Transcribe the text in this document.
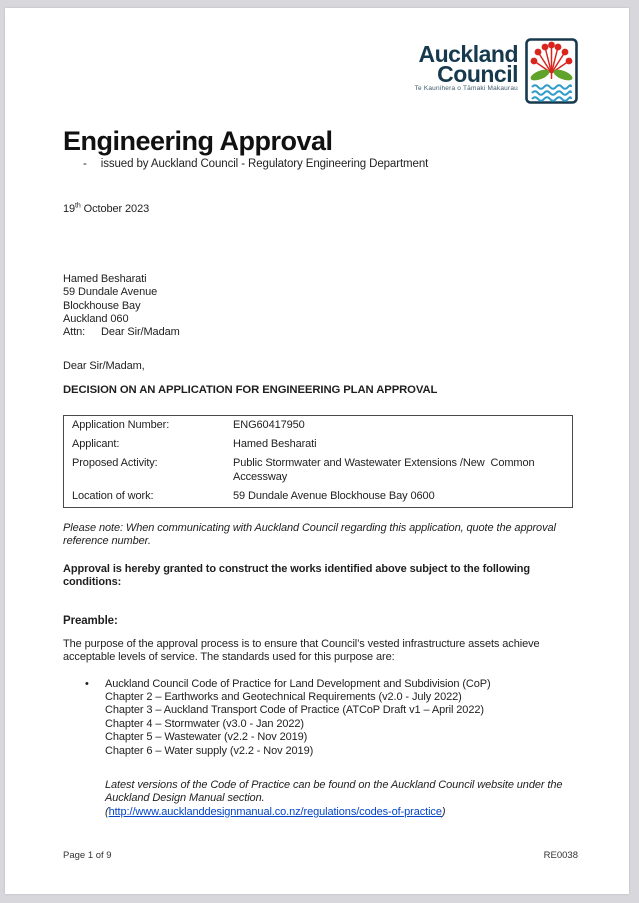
Auckland
Council
Te Kaunihera o Tāmaki Makaurau
Engineering Approval
- issued by Auckland Council - Regulatory Engineering Department
19th October 2023
Hamed Besharati
59 Dundale Avenue
Blockhouse Bay
Auckland 060
Attn: Dear Sir/Madam
Dear Sir/Madam,
DECISION ON AN APPLICATION FOR ENGINEERING PLAN APPROVAL
Application Number:	ENG60417950
Applicant:	Hamed Besharati
Proposed Activity:	Public Stormwater and Wastewater Extensions /New  Common Accessway
Location of work:	59 Dundale Avenue Blockhouse Bay 0600
Please note: When communicating with Auckland Council regarding this application, quote the approval reference number.
Approval is hereby granted to construct the works identified above subject to the following conditions:
Preamble:
The purpose of the approval process is to ensure that Council’s vested infrastructure assets achieve acceptable levels of service. The standards used for this purpose are:
•	Auckland Council Code of Practice for Land Development and Subdivision (CoP)
Chapter 2 – Earthworks and Geotechnical Requirements (v2.0 - July 2022)
Chapter 3 – Auckland Transport Code of Practice (ATCoP Draft v1 – April 2022)
Chapter 4 – Stormwater (v3.0 - Jan 2022)
Chapter 5 – Wastewater (v2.2 - Nov 2019)
Chapter 6 – Water supply (v2.2 - Nov 2019)
Latest versions of the Code of Practice can be found on the Auckland Council website under the Auckland Design Manual section.
(http://www.aucklanddesignmanual.co.nz/regulations/codes-of-practice)
Page 1 of 9	RE0038
